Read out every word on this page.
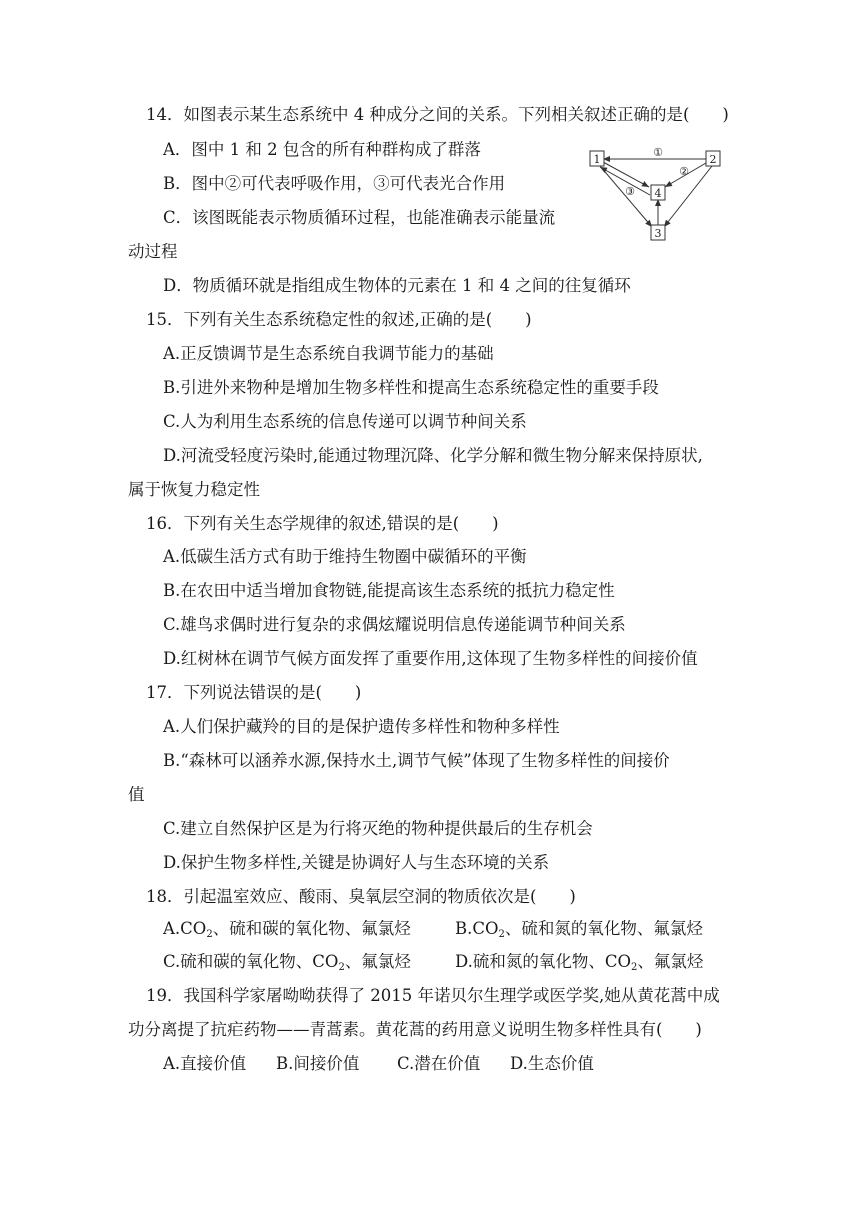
14．如图表示某生态系统中 4 种成分之间的关系。下列相关叙述正确的是(　　)
A．图中 1 和 2 包含的所有种群构成了群落
B．图中②可代表呼吸作用，③可代表光合作用
C．该图既能表示物质循环过程，也能准确表示能量流
动过程
D．物质循环就是指组成生物体的元素在 1 和 4 之间的往复循环
1	2
4
3
①
②
③
15．下列有关生态系统稳定性的叙述,正确的是(　　)
A.正反馈调节是生态系统自我调节能力的基础
B.引进外来物种是增加生物多样性和提高生态系统稳定性的重要手段
C.人为利用生态系统的信息传递可以调节种间关系
D.河流受轻度污染时,能通过物理沉降、化学分解和微生物分解来保持原状,
属于恢复力稳定性
16．下列有关生态学规律的叙述,错误的是(　　)
A.低碳生活方式有助于维持生物圈中碳循环的平衡
B.在农田中适当增加食物链,能提高该生态系统的抵抗力稳定性
C.雄鸟求偶时进行复杂的求偶炫耀说明信息传递能调节种间关系
D.红树林在调节气候方面发挥了重要作用,这体现了生物多样性的间接价值
17．下列说法错误的是(　　)
A.人们保护藏羚的目的是保护遗传多样性和物种多样性
B.“森林可以涵养水源,保持水土,调节气候”体现了生物多样性的间接价
值
C.建立自然保护区是为行将灭绝的物种提供最后的生存机会
D.保护生物多样性,关键是协调好人与生态环境的关系
18．引起温室效应、酸雨、臭氧层空洞的物质依次是(　　)
A.CO2、硫和碳的氧化物、氟氯烃	B.CO2、硫和氮的氧化物、氟氯烃
C.硫和碳的氧化物、CO2、氟氯烃	D.硫和氮的氧化物、CO2、氟氯烃
19．我国科学家屠呦呦获得了 2015 年诺贝尔生理学或医学奖,她从黄花蒿中成
功分离提了抗疟药物——青蒿素。黄花蒿的药用意义说明生物多样性具有(　　)
A.直接价值 B.间接价值 C.潜在价值 D.生态价值
